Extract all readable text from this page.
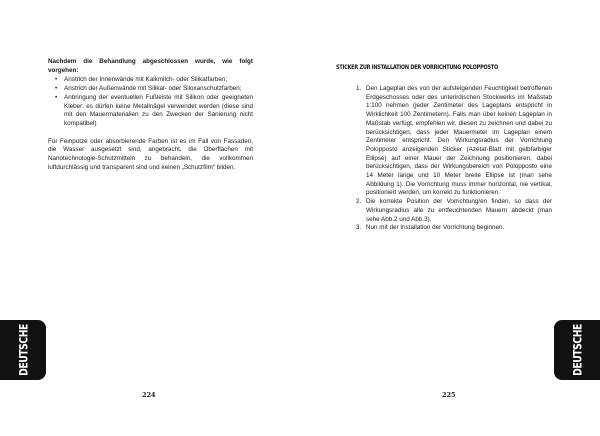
Nachdem die Behandlung abgeschlossen wurde, wie folgt vorgehen:

• Anstrich der Innenwände mit Kalkmilch- oder Silikatfarben;
• Anstrich der Außenwände mit Silikat- oder Siloxanschutzfarben;
• Anbringung der eventuellen Fußleiste mit Silikon oder geeigneten Kleber: es dürfen keine Metallnägel verwendet werden (diese sind mit den Mauermaterialien zu den Zwecken der Sanierung nicht kompatibel)

Für Feinputze oder absorbierende Farben ist es im Fall von Fassaden, die Wasser ausgesetzt sind, angebracht, die Oberflächen mit Nanotechnologie-Schutzmitteln zu behandeln, die vollkommen luftdurchlässig und transparent sind und keinen „Schutzfilm“ bilden.

DEUTSCHE
224
STICKER ZUR INSTALLATION DER VORRICHTUNG POLOPPOSTO
1. Den Lageplan des von der aufsteigenden Feuchtigkeit betroffenen Erdgeschosses oder des unterirdischen Stockwerks im Maßstab 1:100 nehmen (jeder Zentimeter des Lageplans entspricht in Wirklichkeit 100 Zentimetern). Falls man über keinen Lageplan in Maßstab verfügt, empfehlen wir, diesen zu zeichnen und dabei zu berücksichtigen, dass jeder Mauermeter im Lageplan einem Zentimeter entspricht. Den Wirkungsradius der Vorrichtung Polopposto anzeigenden Sticker (Azetat-Blatt mit gelbfarbiger Ellipse) auf einer Mauer der Zeichnung positionieren, dabei berücksichtigen, dass der Wirkungsbereich von Polopposto eine 14 Meter lange und 10 Meter breite Ellipse ist (man sehe Abbildung 1). Die Vorrichtung muss immer horizontal, nie vertikal, positioniert werden, um korrekt zu funktionieren.
2. Die korrekte Position der Vorrichtung/en finden, so dass der Wirkungsradius alle zu entfeuchtenden Mauern abdeckt (man sehe Abb.2 und Abb.3).
3. Nun mit der Installation der Vorrichtung beginnen.
DEUTSCHE
225
